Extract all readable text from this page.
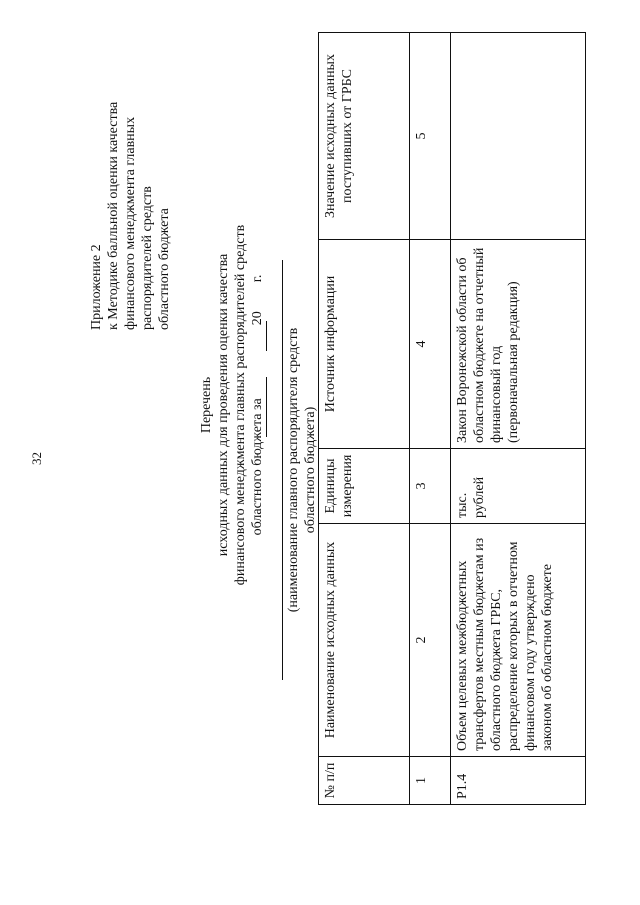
32
Приложение 2 к Методике балльной оценки качества финансового менеджмента главных распорядителей средств областного бюджета
Перечень исходных данных для проведения оценки качества финансового менеджмента главных распорядителей средств областного бюджета за  20  г.
(наименование главного распорядителя средств областного бюджета)
№ п/п	Наименование исходных данных	Единицы измерения	Источник информации	Значение исходных данных поступивших от ГРБС
1	2	3	4	5
P1.4	Объем целевых межбюджетных трансфертов местным бюджетам из областного бюджета ГРБС, распределение которых в отчетном финансовом году утверждено законом об областном бюджете	тыс. рублей	Закон Воронежской области об областном бюджете на отчетный финансовый год (первоначальная редакция)	
